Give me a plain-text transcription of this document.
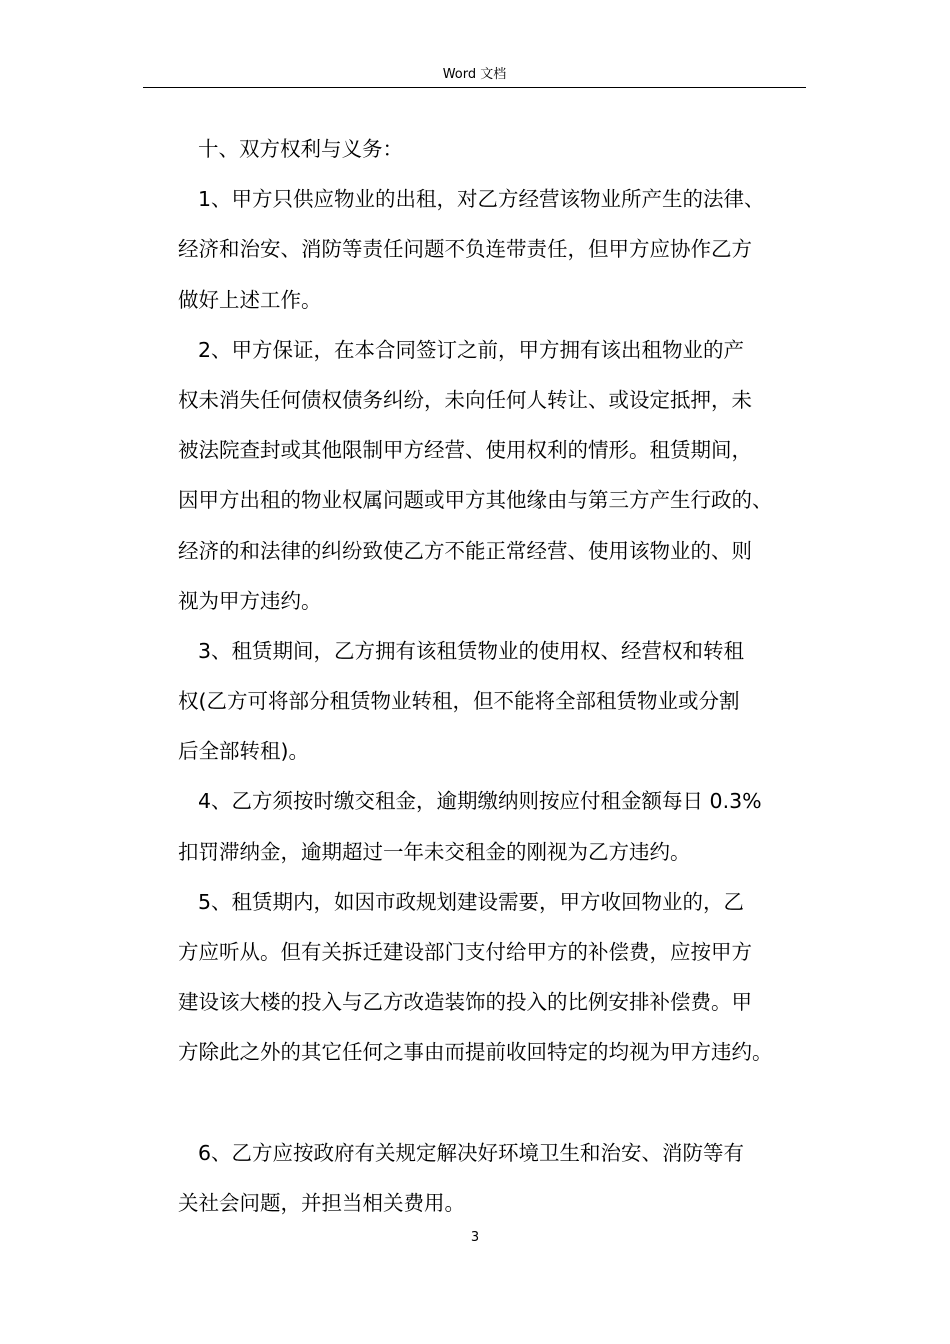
Word 文档
十、双方权利与义务：
1、甲方只供应物业的出租，对乙方经营该物业所产生的法律、
经济和治安、消防等责任问题不负连带责任，但甲方应协作乙方
做好上述工作。
2、甲方保证，在本合同签订之前，甲方拥有该出租物业的产
权未消失任何债权债务纠纷，未向任何人转让、或设定抵押，未
被法院查封或其他限制甲方经营、使用权利的情形。租赁期间，
因甲方出租的物业权属问题或甲方其他缘由与第三方产生行政的、
经济的和法律的纠纷致使乙方不能正常经营、使用该物业的、则
视为甲方违约。
3、租赁期间，乙方拥有该租赁物业的使用权、经营权和转租
权(乙方可将部分租赁物业转租，但不能将全部租赁物业或分割
后全部转租)。
4、乙方须按时缴交租金，逾期缴纳则按应付租金额每日 0.3%
扣罚滞纳金，逾期超过一年未交租金的刚视为乙方违约。
5、租赁期内，如因市政规划建设需要，甲方收回物业的，乙
方应听从。但有关拆迁建设部门支付给甲方的补偿费，应按甲方
建设该大楼的投入与乙方改造装饰的投入的比例安排补偿费。甲
方除此之外的其它任何之事由而提前收回特定的均视为甲方违约。
6、乙方应按政府有关规定解决好环境卫生和治安、消防等有
关社会问题，并担当相关费用。
3
